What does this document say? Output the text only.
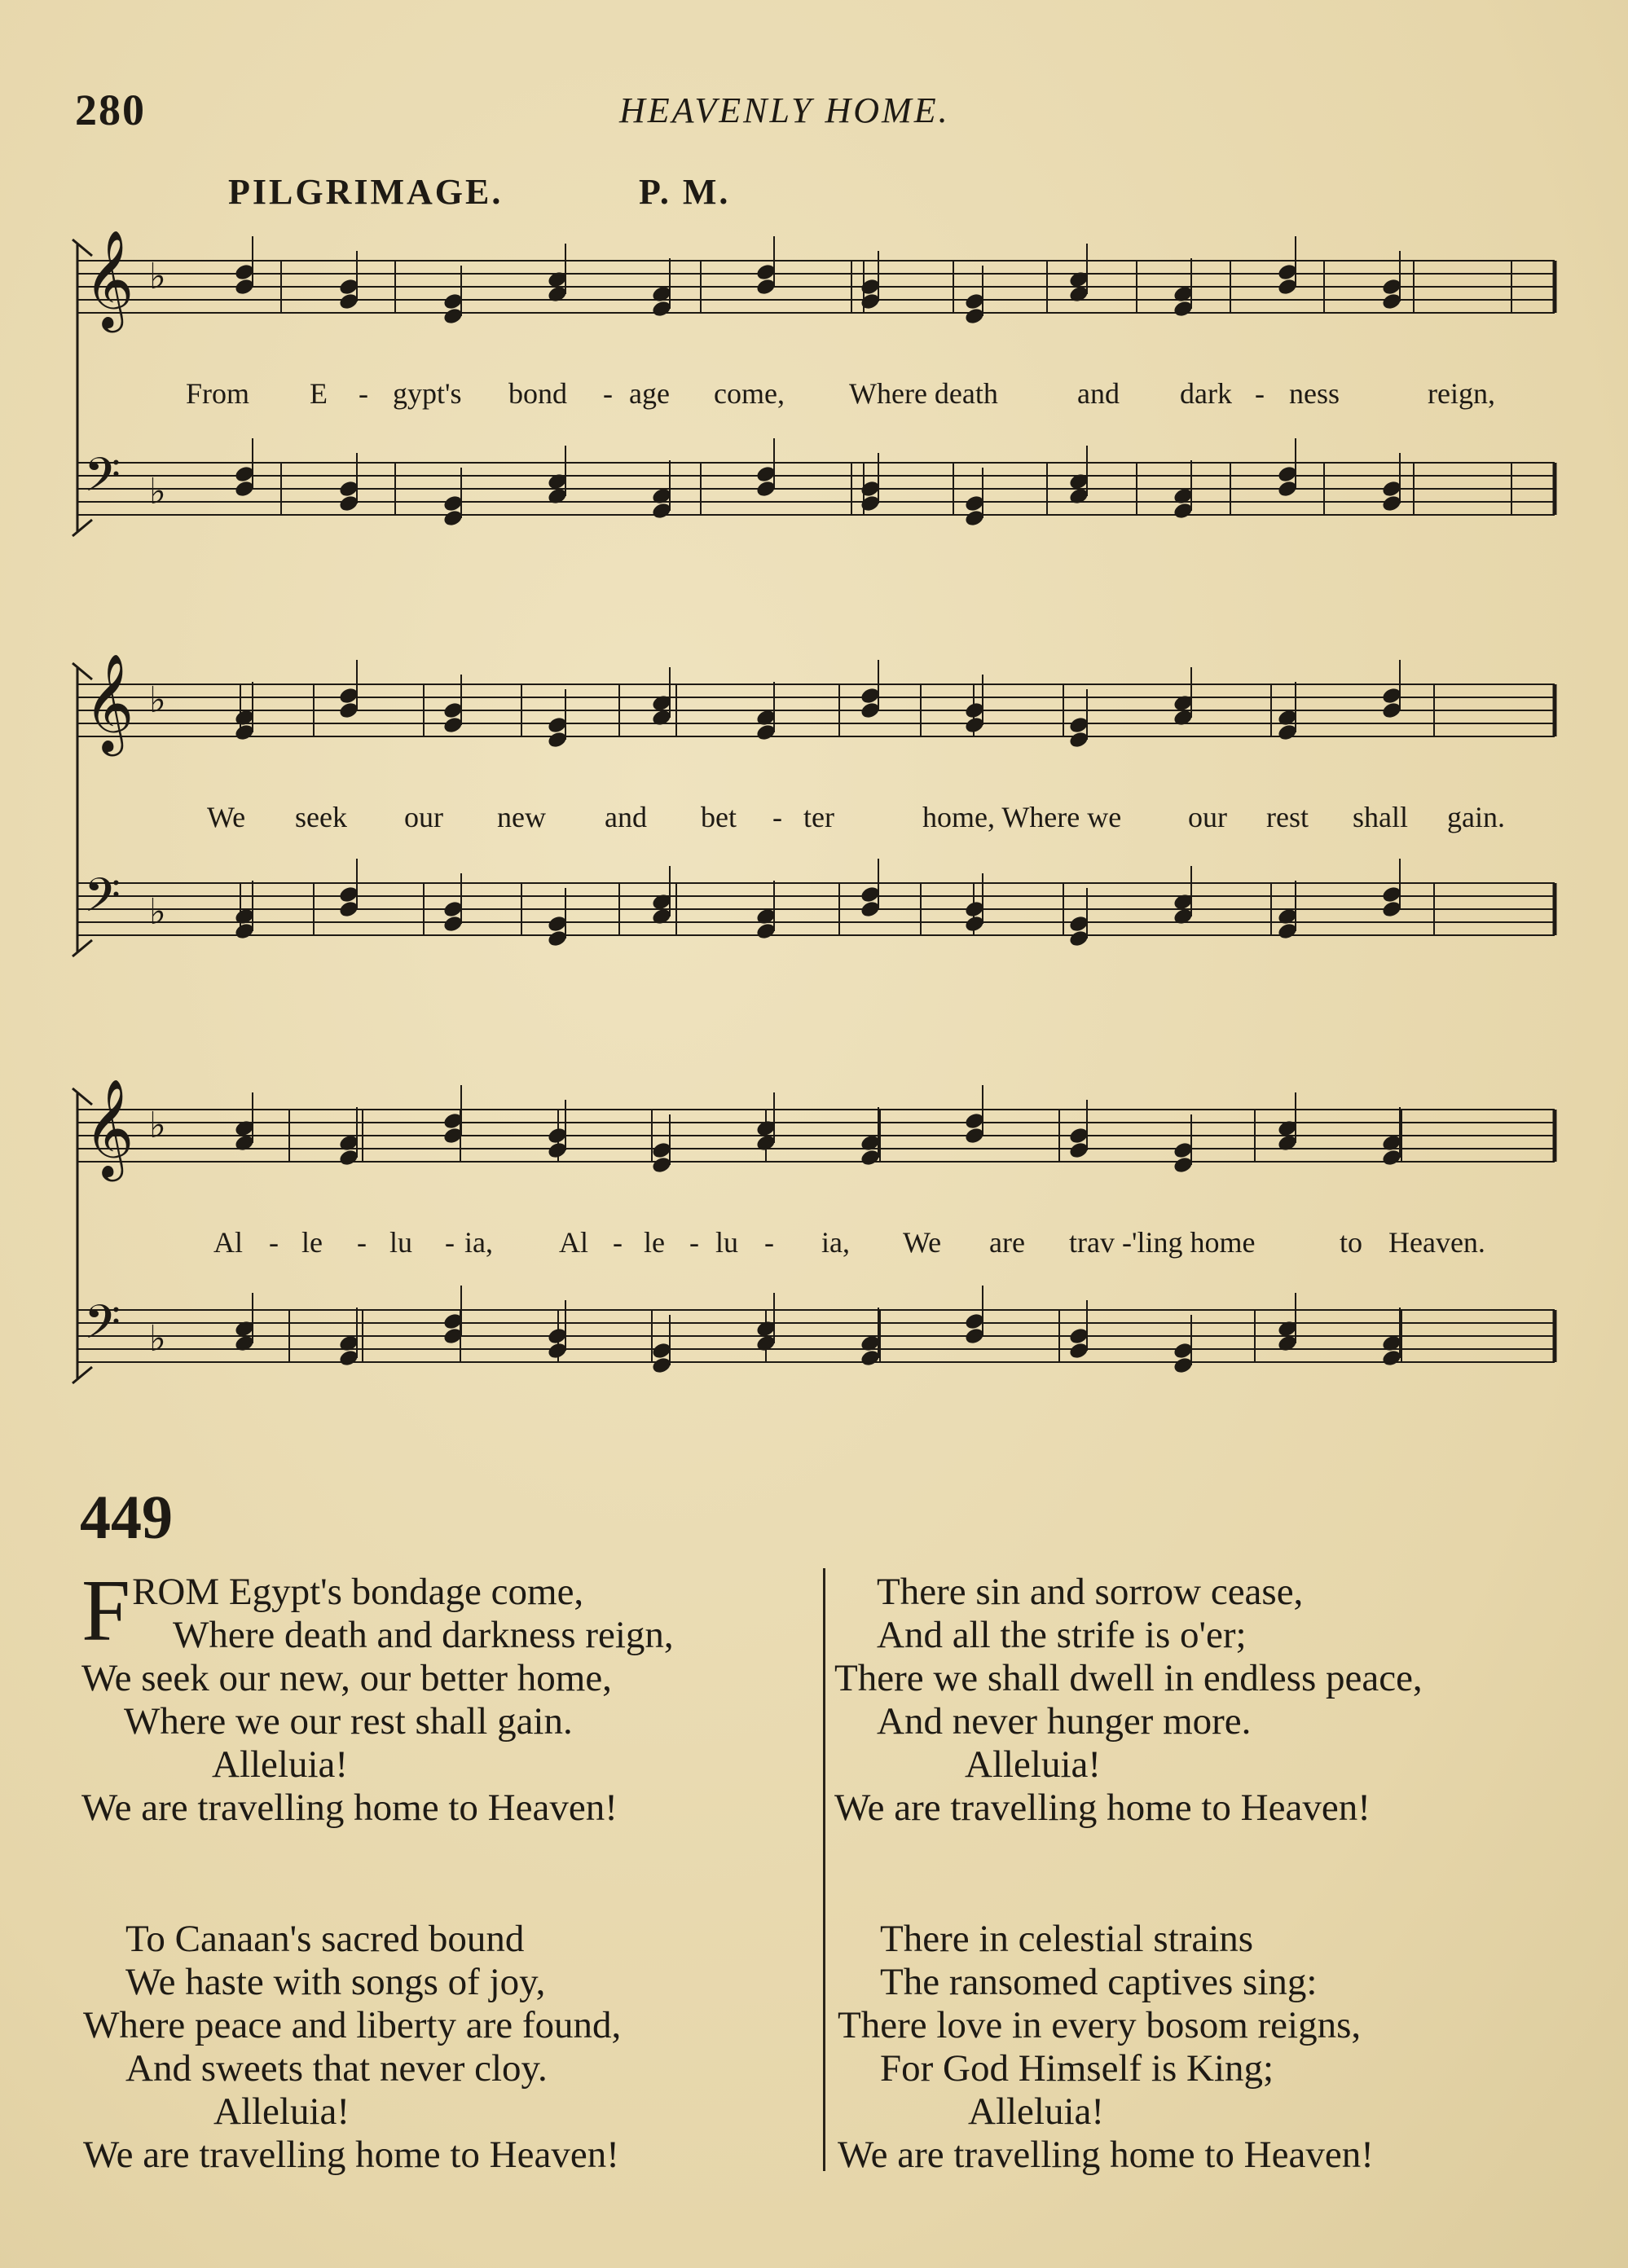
280	HEAVENLY HOME.
PILGRIMAGE.	P. M.
𝄞 ♭
𝄢 ♭
𝄞 ♭
𝄢 ♭
𝄞 ♭
𝄢 ♭
From E - gypt's bond - age come, Where death	and dark - ness	reign,
We seek our new and bet - ter	home, Where we our rest shall gain.
Al - le - lu - ia, Al - le - lu - ia, We are trav -'ling home	to Heaven.
449
F ROM Egypt's bondage come,
Where death and darkness reign,
We seek our new, our better home,
Where we our rest shall gain.
Alleluia!
We are travelling home to Heaven!
There sin and sorrow cease,
And all the strife is o'er;
There we shall dwell in endless peace,
And never hunger more.
Alleluia!
We are travelling home to Heaven!
To Canaan's sacred bound
We haste with songs of joy,
Where peace and liberty are found,
And sweets that never cloy.
Alleluia!
We are travelling home to Heaven!
There in celestial strains
The ransomed captives sing:
There love in every bosom reigns,
For God Himself is King;
Alleluia!
We are travelling home to Heaven!
